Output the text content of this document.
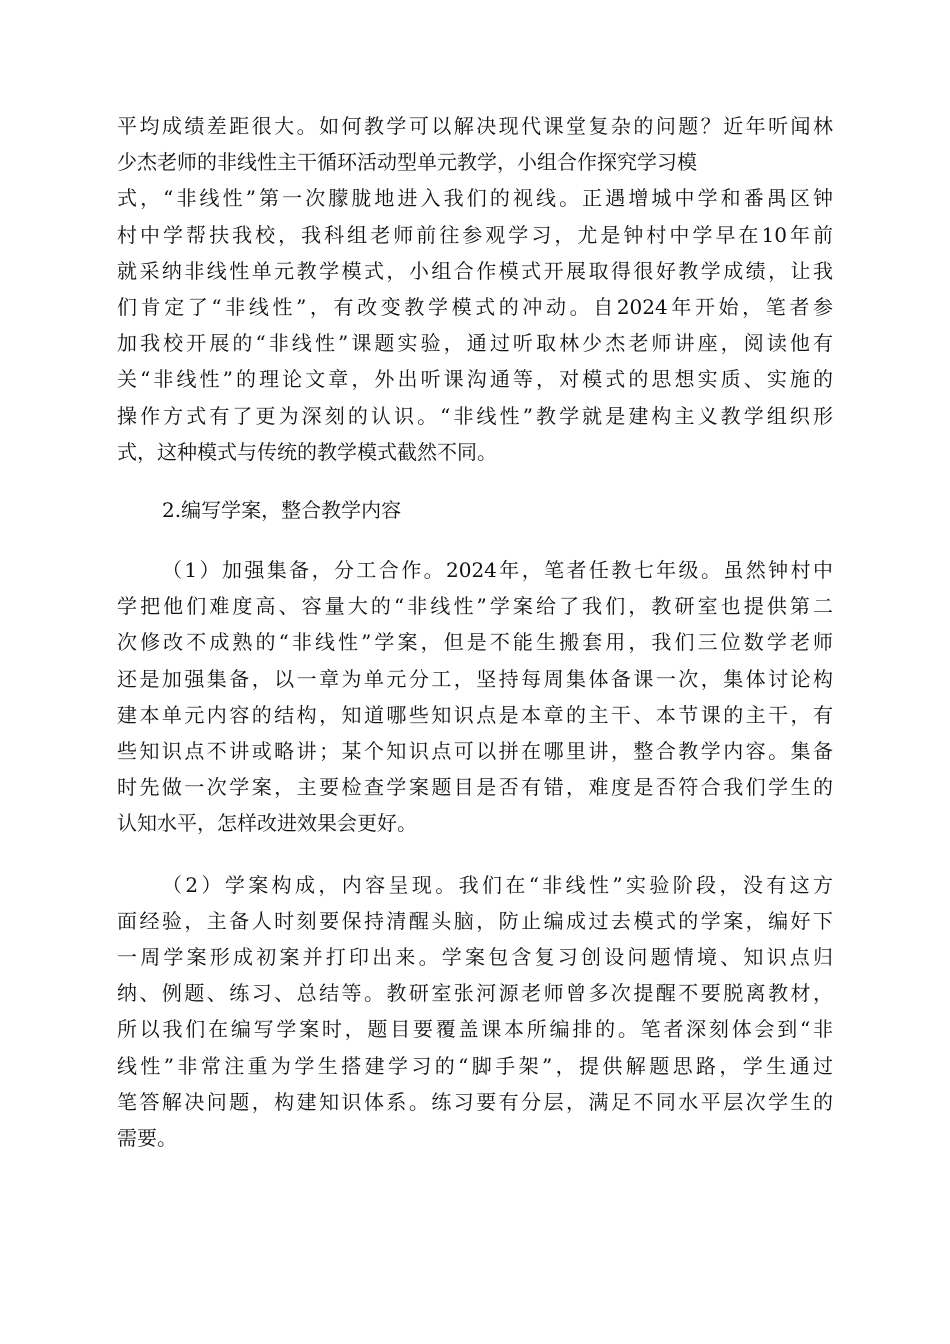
平均成绩差距很大。如何教学可以解决现代课堂复杂的问题？近年听闻林
少杰老师的非线性主干循环活动型单元教学，小组合作探究学习模
式，“非线性”第一次朦胧地进入我们的视线。正遇增城中学和番禺区钟
村中学帮扶我校，我科组老师前往参观学习，尤是钟村中学早在10年前
就采纳非线性单元教学模式，小组合作模式开展取得很好教学成绩，让我
们肯定了“非线性”，有改变教学模式的冲动。自2024年开始，笔者参
加我校开展的“非线性”课题实验，通过听取林少杰老师讲座，阅读他有
关“非线性”的理论文章，外出听课沟通等，对模式的思想实质、实施的
操作方式有了更为深刻的认识。“非线性”教学就是建构主义教学组织形
式，这种模式与传统的教学模式截然不同。
2.编写学案，整合教学内容
（1）加强集备，分工合作。2024年，笔者任教七年级。虽然钟村中
学把他们难度高、容量大的“非线性”学案给了我们，教研室也提供第二
次修改不成熟的“非线性”学案，但是不能生搬套用，我们三位数学老师
还是加强集备，以一章为单元分工，坚持每周集体备课一次，集体讨论构
建本单元内容的结构，知道哪些知识点是本章的主干、本节课的主干，有
些知识点不讲或略讲；某个知识点可以拼在哪里讲，整合教学内容。集备
时先做一次学案，主要检查学案题目是否有错，难度是否符合我们学生的
认知水平，怎样改进效果会更好。
（2）学案构成，内容呈现。我们在“非线性”实验阶段，没有这方
面经验，主备人时刻要保持清醒头脑，防止编成过去模式的学案，编好下
一周学案形成初案并打印出来。学案包含复习创设问题情境、知识点归
纳、例题、练习、总结等。教研室张河源老师曾多次提醒不要脱离教材，
所以我们在编写学案时，题目要覆盖课本所编排的。笔者深刻体会到“非
线性”非常注重为学生搭建学习的“脚手架”，提供解题思路，学生通过
笔答解决问题，构建知识体系。练习要有分层，满足不同水平层次学生的
需要。
